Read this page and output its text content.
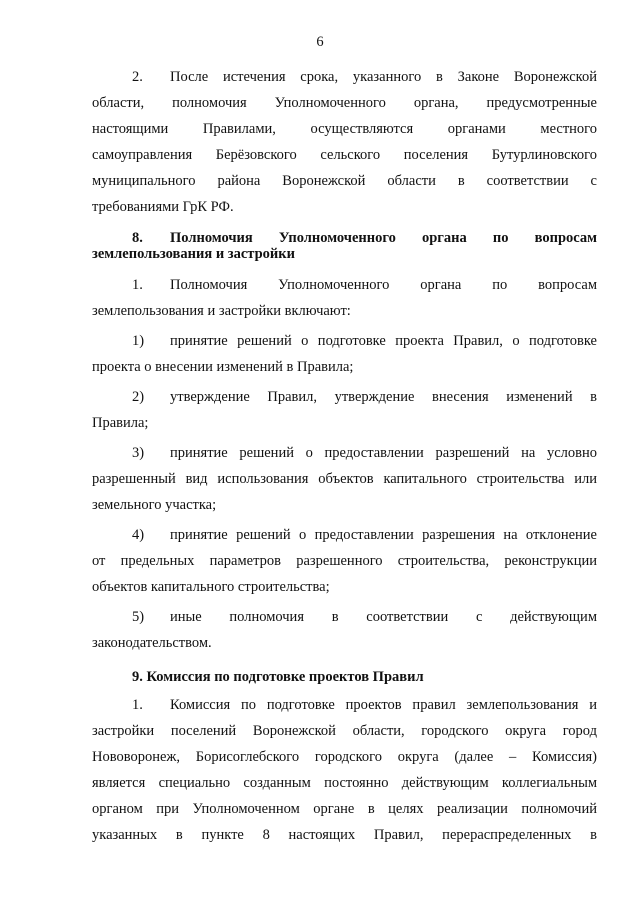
6

2. После истечения срока, указанного в Законе Воронежской

области, полномочия Уполномоченного органа, предусмотренные

настоящими Правилами, осуществляются органами местного

самоуправления Берёзовского сельского поселения Бутурлиновского

муниципального района Воронежской области в соответствии с

требованиями ГрК РФ.

8. Полномочия Уполномоченного органа по вопросам

землепользования и застройки

1. Полномочия Уполномоченного органа по вопросам

землепользования и застройки включают:

1) принятие решений о подготовке проекта Правил, о подготовке

проекта о внесении изменений в Правила;

2) утверждение Правил, утверждение внесения изменений в

Правила;

3) принятие решений о предоставлении разрешений на условно

разрешенный вид использования объектов капитального строительства или

земельного участка;

4) принятие решений о предоставлении разрешения на отклонение

от предельных параметров разрешенного строительства, реконструкции

объектов капитального строительства;

5) иные полномочия в соответствии с действующим

законодательством.

9. Комиссия по подготовке проектов Правил

1. Комиссия по подготовке проектов правил землепользования и

застройки поселений Воронежской области, городского округа город

Нововоронеж, Борисоглебского городского округа (далее – Комиссия)

является специально созданным постоянно действующим коллегиальным

органом при Уполномоченном органе в целях реализации полномочий

указанных в пункте 8 настоящих Правил, перераспределенных в
